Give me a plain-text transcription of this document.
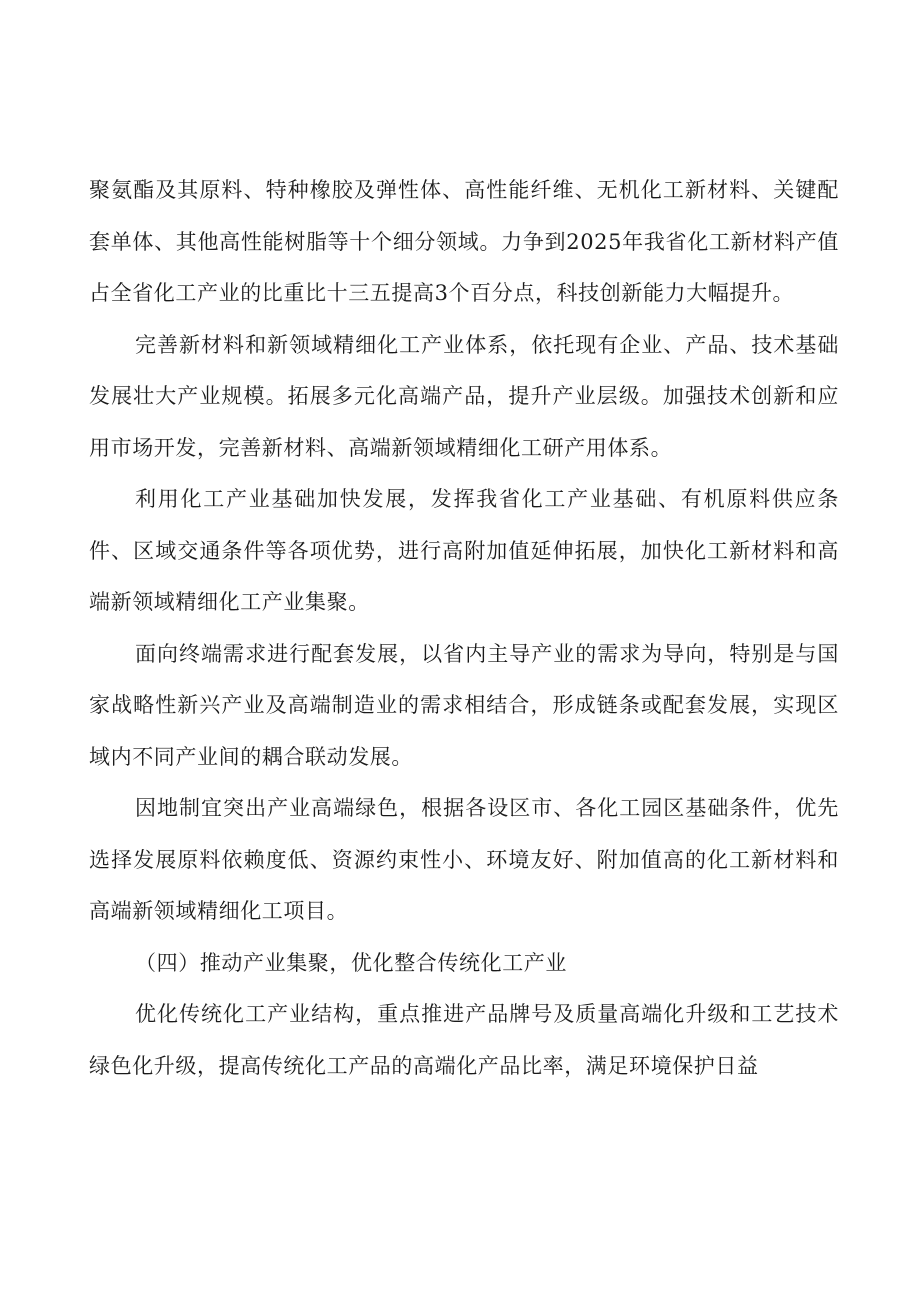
聚氨酯及其原料、特种橡胶及弹性体、高性能纤维、无机化工新材料、关键配套单体、其他高性能树脂等十个细分领域。力争到2025年我省化工新材料产值占全省化工产业的比重比十三五提高3个百分点，科技创新能力大幅提升。

完善新材料和新领域精细化工产业体系，依托现有企业、产品、技术基础发展壮大产业规模。拓展多元化高端产品，提升产业层级。加强技术创新和应用市场开发，完善新材料、高端新领域精细化工研产用体系。

利用化工产业基础加快发展，发挥我省化工产业基础、有机原料供应条件、区域交通条件等各项优势，进行高附加值延伸拓展，加快化工新材料和高端新领域精细化工产业集聚。

面向终端需求进行配套发展，以省内主导产业的需求为导向，特别是与国家战略性新兴产业及高端制造业的需求相结合，形成链条或配套发展，实现区域内不同产业间的耦合联动发展。

因地制宜突出产业高端绿色，根据各设区市、各化工园区基础条件，优先选择发展原料依赖度低、资源约束性小、环境友好、附加值高的化工新材料和高端新领域精细化工项目。

（四）推动产业集聚，优化整合传统化工产业

优化传统化工产业结构，重点推进产品牌号及质量高端化升级和工艺技术绿色化升级，提高传统化工产品的高端化产品比率，满足环境保护日益
